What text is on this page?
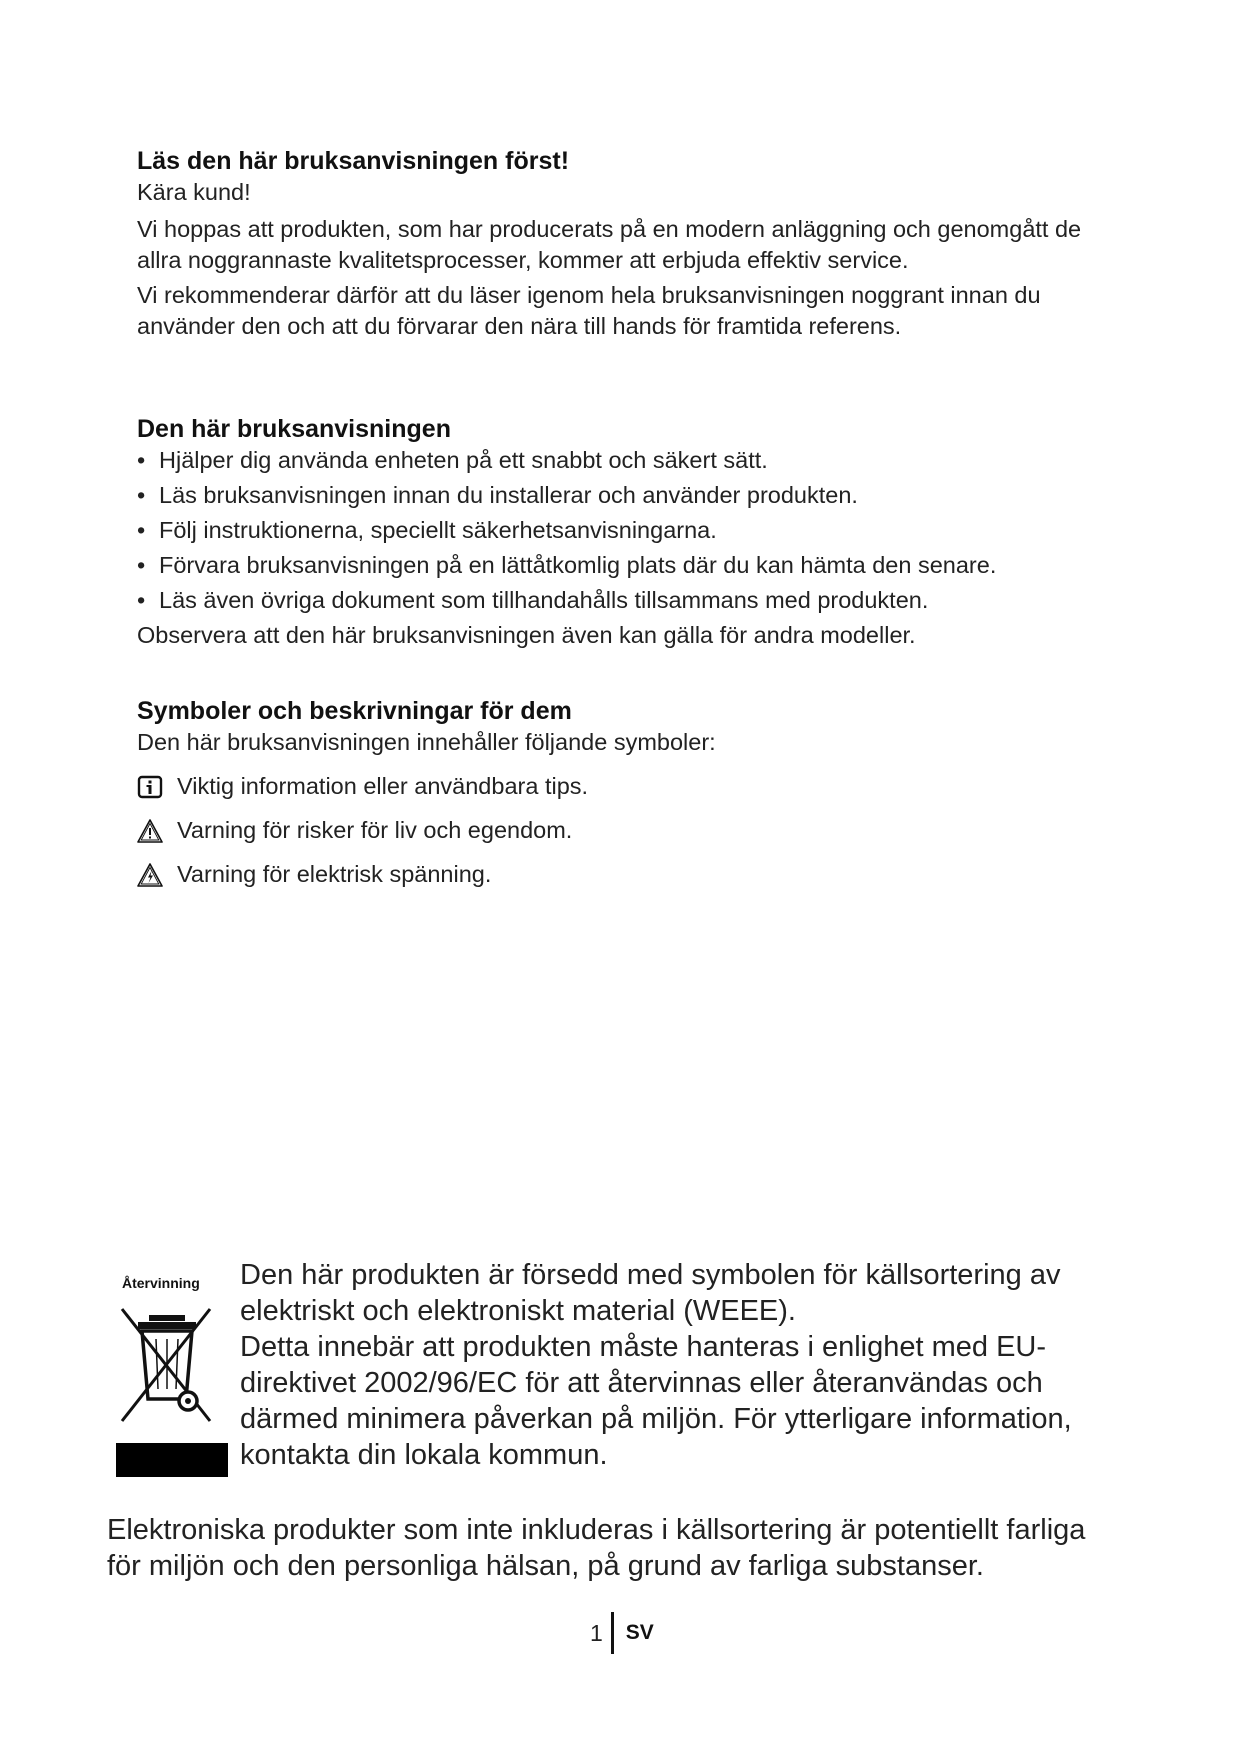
Läs den här bruksanvisningen först!

Kära kund!

Vi hoppas att produkten, som har producerats på en modern anläggning och genomgått de allra noggrannaste kvalitetsprocesser, kommer att erbjuda effektiv service.

Vi rekommenderar därför att du läser igenom hela bruksanvisningen noggrant innan du använder den och att du förvarar den nära till hands för framtida referens.

Den här bruksanvisningen
• Hjälper dig använda enheten på ett snabbt och säkert sätt.
• Läs bruksanvisningen innan du installerar och använder produkten.
• Följ instruktionerna, speciellt säkerhetsanvisningarna.
• Förvara bruksanvisningen på en lättåtkomlig plats där du kan hämta den senare.
• Läs även övriga dokument som tillhandahålls tillsammans med produkten.

Observera att den här bruksanvisningen även kan gälla för andra modeller.

Symboler och beskrivningar för dem

Den här bruksanvisningen innehåller följande symboler:

Viktig information eller användbara tips.
Varning för risker för liv och egendom.
Varning för elektrisk spänning.
Återvinning Den här produkten är försedd med symbolen för källsortering av elektriskt och elektroniskt material (WEEE).

Detta innebär att produkten måste hanteras i enlighet med EU-direktivet 2002/96/EC för att återvinnas eller återanvändas och därmed minimera påverkan på miljön. För ytterligare information, kontakta din lokala kommun.

Elektroniska produkter som inte inkluderas i källsortering är potentiellt farliga för miljön och den personliga hälsan, på grund av farliga substanser.

1 SV
